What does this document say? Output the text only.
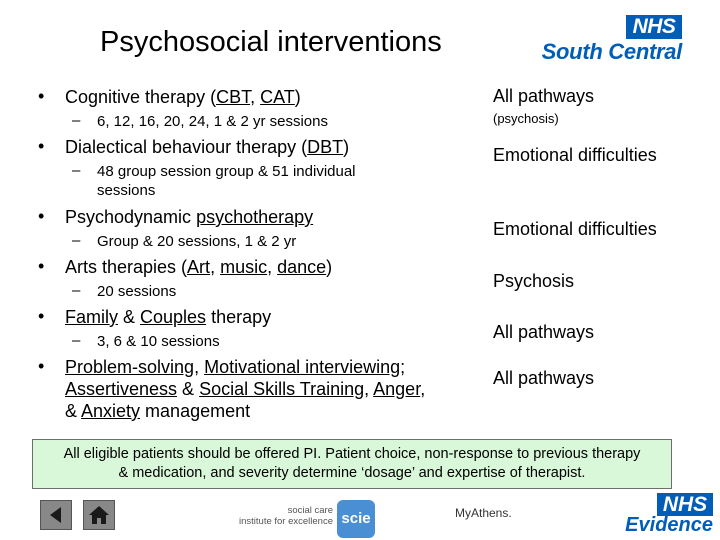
Psychosocial interventions	NHS
South Central
• Cognitive therapy (CBT, CAT)
– 6, 12, 16, 20, 24, 1 & 2 yr sessions
All pathways
(psychosis)
• Dialectical behaviour therapy (DBT)
– 48 group session group & 51 individual
sessions
Emotional difficulties
• Psychodynamic psychotherapy
– Group & 20 sessions, 1 & 2 yr
Emotional difficulties
• Arts therapies (Art, music, dance)
– 20 sessions
Psychosis
• Family & Couples therapy
– 3, 6 & 10 sessions	All pathways
• Problem-solving, Motivational interviewing;
Assertiveness & Social Skills Training, Anger,
& Anxiety management
All pathways
All eligible patients should be offered PI. Patient choice, non-response to previous therapy
& medication, and severity determine ‘dosage’ and expertise of therapist.
social care
institute for excellence scie	MyAthens.	NHS
Evidence
